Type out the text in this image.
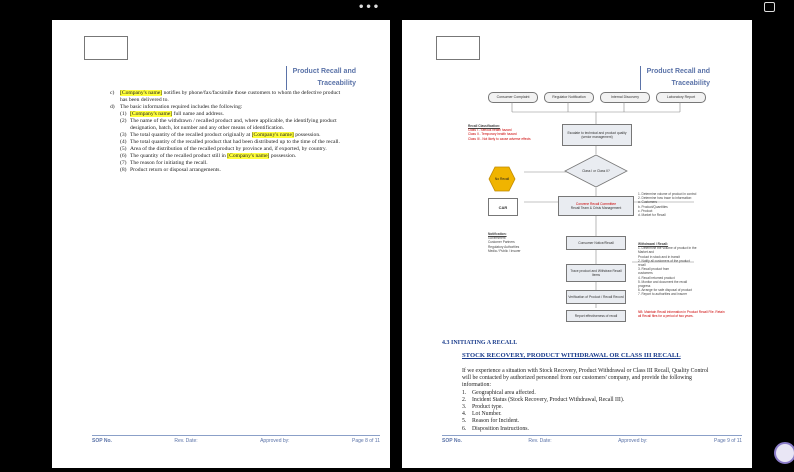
•••
Product Recall and
Traceability
c)	[Company's name] notifies by phone/fax/facsimile those customers to whom the defective product has been delivered to.
d) The basic information required includes the following:
(1) [Company's name] full name and address.
(2) The name of the withdrawn / recalled product and, where applicable, the identifying product designation, batch, lot number and any other means of identification.
(3) The total quantity of the recalled product originally at [Company's name] possession.
(4) The total quantity of the recalled product that had been distributed up to the time of the recall.
(5) Area of the distribution of the recalled product by province and, if exported, by country.
(6) The quantity of the recalled product still in [Company's name] possession.
(7) The reason for initiating the recall.
(8) Product return or disposal arrangements.
SOP No.	Rev. Date:	Approved by:	Page 8 of 11
Product Recall and
Traceability
Consumer Complaint	Regulator Notification	Internal Discovery	Laboratory Report
Escalate to technical and product quality (senior management)
Class I or Class II?
No Recall
CAR
Convene Recall Committee
Recall Team & Crisis Management
Consumer Notice/Recall
Trace product and Withdraw Recall Items
Verification of Product / Recall Record
Report effectiveness of recall
Recall Classification:
Class I - Serious health hazard
Class II - Temporary health hazard
Class III - Not likely to cause adverse effects
Notification:
Government
Customer Partners
Regulatory Authorities
Media / Public / Insurer
1. Determine volume of product in control
2. Determine how trace to information:
a. Customers
b. Product/Quantities
c. Product
d. Market for Recall
Withdrawal / Recall:
1. Determine the volume of product in the
Market and
Product in stock and in transit
2. Notify all customers of the product
recall
3. Recall product from
customers
4. Recall returned product
5. Monitor and document the recall
progress
6. Arrange for safe disposal of product
7. Report to authorities and insurer
NB: Maintain Recall information in Product Recall File. Retain all Recall files for a period of two years.
4.3 INITIATING A RECALL
STOCK RECOVERY, PRODUCT WITHDRAWAL OR CLASS III RECALL
If we experience a situation with Stock Recovery, Product Withdrawal or Class III Recall, Quality Control will be contacted by authorized personnel from our customers' company, and provide the following information:
1. Geographical area affected.
2. Incident Status (Stock Recovery, Product Withdrawal, Recall III).
3. Product type.
4. Lot Number.
5. Reason for Incident.
6. Disposition Instructions.
SOP No.	Rev. Date:	Approved by:	Page 9 of 11
